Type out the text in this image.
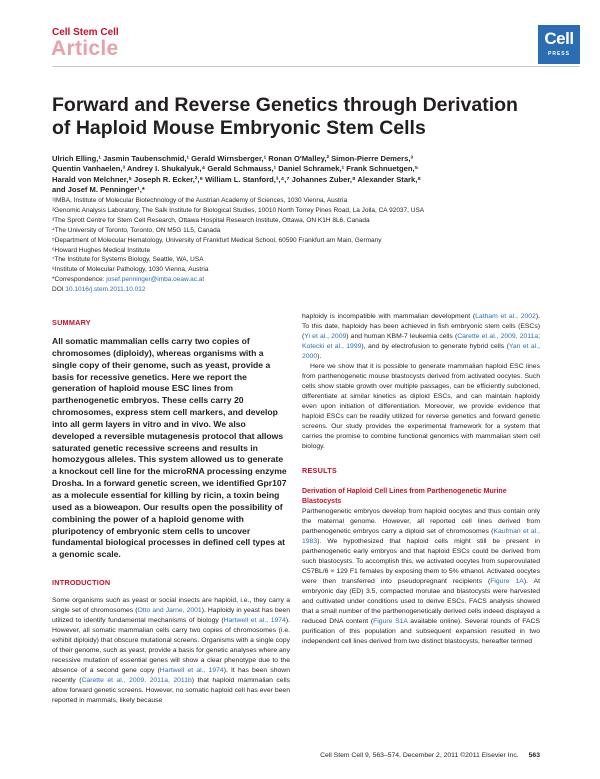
Cell Stem Cell
Article	Cell
PRESS
Forward and Reverse Genetics through Derivation of Haploid Mouse Embryonic Stem Cells
Ulrich Elling,¹ Jasmin Taubenschmid,¹ Gerald Wirnsberger,¹ Ronan O'Malley,² Simon-Pierre Demers,³
Quentin Vanhaelen,³ Andrey I. Shukalyuk,⁴ Gerald Schmauss,¹ Daniel Schramek,¹ Frank Schnuetgen,⁵
Harald von Melchner,⁵ Joseph R. Ecker,²,⁶ William L. Stanford,³,⁴,⁷ Johannes Zuber,⁸ Alexander Stark,⁸
and Josef M. Penninger¹,*
¹IMBA, Institute of Molecular Biotechnology of the Austrian Academy of Sciences, 1030 Vienna, Austria
²Genomic Analysis Laboratory, The Salk Institute for Biological Studies, 10010 North Torrey Pines Road, La Jolla, CA 92037, USA
³The Sprott Centre for Stem Cell Research, Ottawa Hospital Research Institute, Ottawa, ON K1H 8L6, Canada
⁴The University of Toronto, Toronto, ON M5G 1L5, Canada
⁵Department of Molecular Hematology, University of Frankfurt Medical School, 60590 Frankfurt am Main, Germany
⁶Howard Hughes Medical Institute
⁷The Institute for Systems Biology, Seattle, WA, USA
⁸Institute of Molecular Pathology, 1030 Vienna, Austria
*Correspondence: josef.penninger@imba.oeaw.ac.at
DOI 10.1016/j.stem.2011.10.012
SUMMARY

All somatic mammalian cells carry two copies of chromosomes (diploidy), whereas organisms with a single copy of their genome, such as yeast, provide a basis for recessive genetics. Here we report the generation of haploid mouse ESC lines from parthenogenetic embryos. These cells carry 20 chromosomes, express stem cell markers, and develop into all germ layers in vitro and in vivo. We also developed a reversible mutagenesis protocol that allows saturated genetic recessive screens and results in homozygous alleles. This system allowed us to generate a knockout cell line for the microRNA processing enzyme Drosha. In a forward genetic screen, we identified Gpr107 as a molecule essential for killing by ricin, a toxin being used as a bioweapon. Our results open the possibility of combining the power of a haploid genome with pluripotency of embryonic stem cells to uncover fundamental biological processes in defined cell types at a genomic scale.

INTRODUCTION

Some organisms such as yeast or social insects are haploid, i.e., they carry a single set of chromosomes (Otto and Jarne, 2001). Haploidy in yeast has been utilized to identify fundamental mechanisms of biology (Hartwell et al., 1974). However, all somatic mammalian cells carry two copies of chromosomes (i.e. exhibit diploidy) that obscure mutational screens. Organisms with a single copy of their genome, such as yeast, provide a basis for genetic analyses where any recessive mutation of essential genes will show a clear phenotype due to the absence of a second gene copy (Hartwell et al., 1974). It has been shown recently (Carette et al., 2009, 2011a, 2011b) that haploid mammalian cells allow forward genetic screens. However, no somatic haploid cell has ever been reported in mammals, likely because

haploidy is incompatible with mammalian development (Latham et al., 2002). To this date, haploidy has been achieved in fish embryonic stem cells (ESCs) (Yi et al., 2009) and human KBM-7 leukemia cells (Carette et al., 2009, 2011a; Kotecki et al., 1999), and by electrofusion to generate hybrid cells (Yan et al., 2000).

Here we show that it is possible to generate mammalian haploid ESC lines from parthenogenetic mouse blastocysts derived from activated oocytes. Such cells show stable growth over multiple passages, can be efficiently subcloned, differentiate at similar kinetics as diploid ESCs, and can maintain haploidy even upon initiation of differentiation. Moreover, we provide evidence that haploid ESCs can be readily utilized for reverse genetics and forward genetic screens. Our study provides the experimental framework for a system that carries the promise to combine functional genomics with mammalian stem cell biology.

RESULTS
Derivation of Haploid Cell Lines from Parthenogenetic Murine Blastocysts

Parthenogenetic embryos develop from haploid oocytes and thus contain only the maternal genome. However, all reported cell lines derived from parthenogenetic embryos carry a diploid set of chromosomes (Kaufman et al., 1983). We hypothesized that haploid cells might still be present in parthenogenetic early embryos and that haploid ESCs could be derived from such blastocysts. To accomplish this, we activated oocytes from superovulated C57BL/6 × 129 F1 females by exposing them to 5% ethanol. Activated oocytes were then transferred into pseudopregnant recipients (Figure 1A). At embryonic day (ED) 3.5, compacted morulae and blastocysts were harvested and cultivated under conditions used to derive ESCs. FACS analysis showed that a small number of the parthenogenetically derived cells indeed displayed a reduced DNA content (Figure S1A available online). Several rounds of FACS purification of this population and subsequent expansion resulted in two independent cell lines derived from two distinct blastocysts, hereafter termed

Cell Stem Cell 9, 563–574, December 2, 2011 ©2011 Elsevier Inc. 563
